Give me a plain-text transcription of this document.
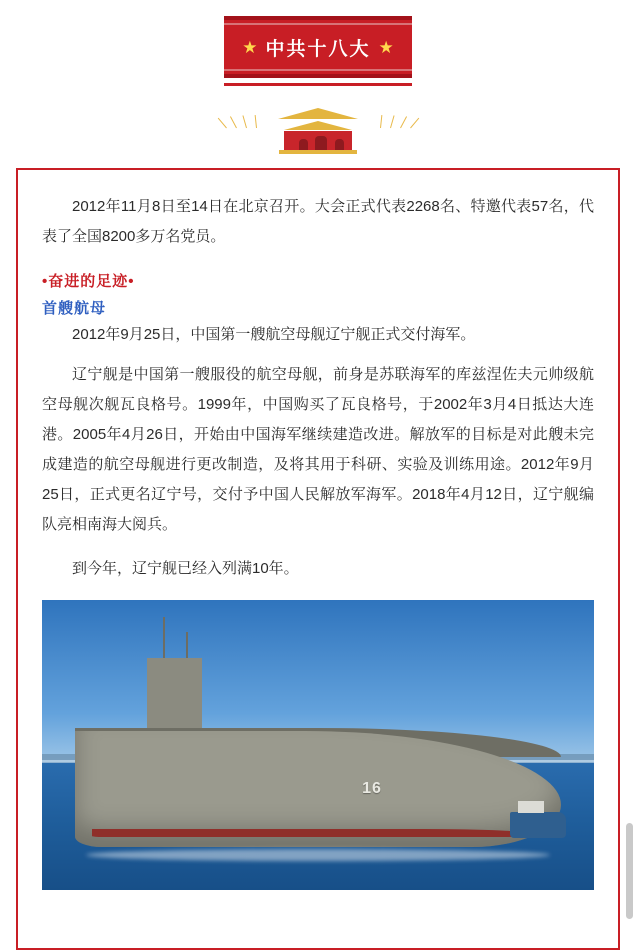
★ 中共十八大 ★

2012年11月8日至14日在北京召开。大会正式代表2268名、特邀代表57名，代表了全国8200多万名党员。

•奋进的足迹•
首艘航母

2012年9月25日，中国第一艘航空母舰辽宁舰正式交付海军。

辽宁舰是中国第一艘服役的航空母舰，前身是苏联海军的库兹涅佐夫元帅级航空母舰次舰瓦良格号。1999年，中国购买了瓦良格号，于2002年3月4日抵达大连港。2005年4月26日，开始由中国海军继续建造改进。解放军的目标是对此艘未完成建造的航空母舰进行更改制造，及将其用于科研、实验及训练用途。2012年9月25日，正式更名辽宁号，交付予中国人民解放军海军。2018年4月12日，辽宁舰编队亮相南海大阅兵。

到今年，辽宁舰已经入列满10年。

16
